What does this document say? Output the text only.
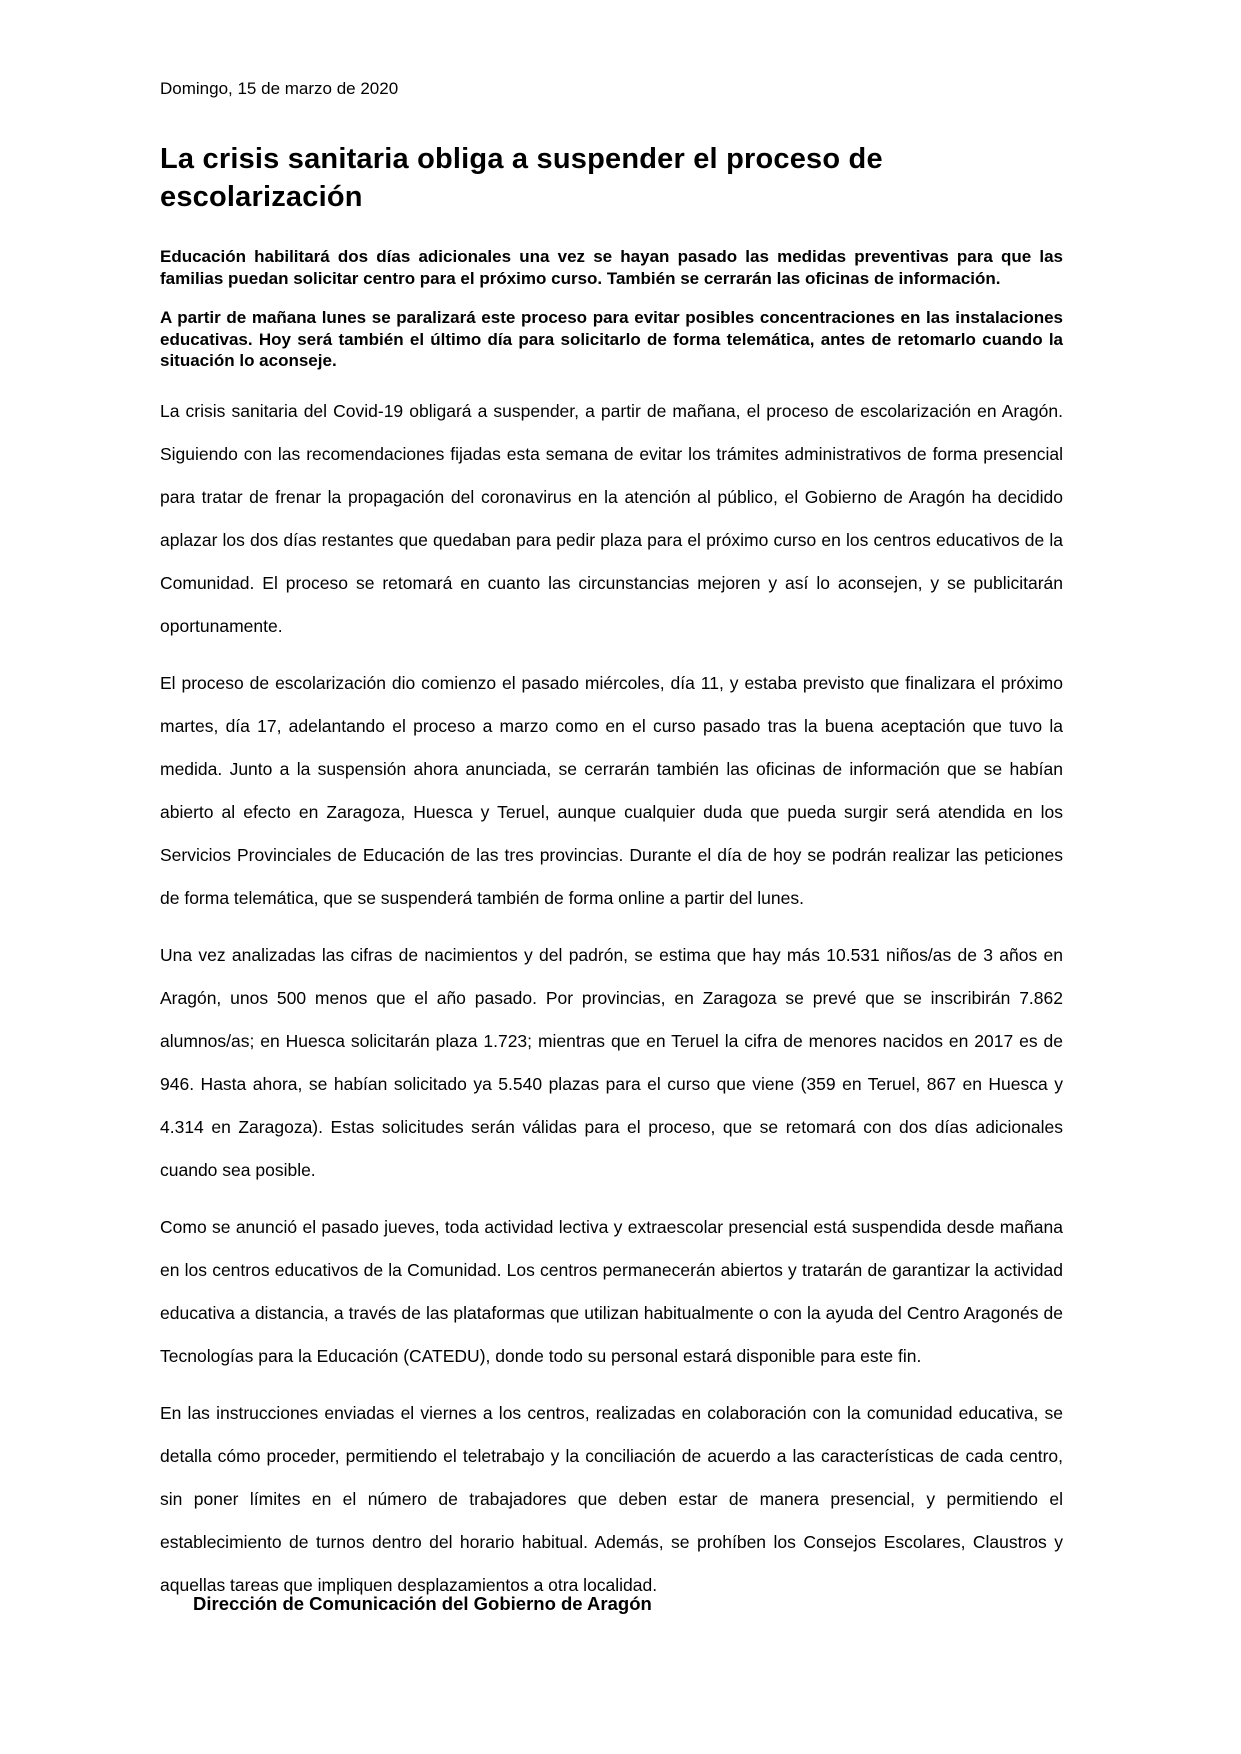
Domingo, 15 de marzo de 2020

La crisis sanitaria obliga a suspender el proceso de escolarización

Educación habilitará dos días adicionales una vez se hayan pasado las medidas preventivas para que las familias puedan solicitar centro para el próximo curso. También se cerrarán las oficinas de información.

A partir de mañana lunes se paralizará este proceso para evitar posibles concentraciones en las instalaciones educativas. Hoy será también el último día para solicitarlo de forma telemática, antes de retomarlo cuando la situación lo aconseje.

La crisis sanitaria del Covid-19 obligará a suspender, a partir de mañana, el proceso de escolarización en Aragón. Siguiendo con las recomendaciones fijadas esta semana de evitar los trámites administrativos de forma presencial para tratar de frenar la propagación del coronavirus en la atención al público, el Gobierno de Aragón ha decidido aplazar los dos días restantes que quedaban para pedir plaza para el próximo curso en los centros educativos de la Comunidad. El proceso se retomará en cuanto las circunstancias mejoren y así lo aconsejen, y se publicitarán oportunamente.

El proceso de escolarización dio comienzo el pasado miércoles, día 11, y estaba previsto que finalizara el próximo martes, día 17, adelantando el proceso a marzo como en el curso pasado tras la buena aceptación que tuvo la medida. Junto a la suspensión ahora anunciada, se cerrarán también las oficinas de información que se habían abierto al efecto en Zaragoza, Huesca y Teruel, aunque cualquier duda que pueda surgir será atendida en los Servicios Provinciales de Educación de las tres provincias. Durante el día de hoy se podrán realizar las peticiones de forma telemática, que se suspenderá también de forma online a partir del lunes.

Una vez analizadas las cifras de nacimientos y del padrón, se estima que hay más 10.531 niños/as de 3 años en Aragón, unos 500 menos que el año pasado. Por provincias, en Zaragoza se prevé que se inscribirán 7.862 alumnos/as; en Huesca solicitarán plaza 1.723; mientras que en Teruel la cifra de menores nacidos en 2017 es de 946. Hasta ahora, se habían solicitado ya 5.540 plazas para el curso que viene (359 en Teruel, 867 en Huesca y 4.314 en Zaragoza). Estas solicitudes serán válidas para el proceso, que se retomará con dos días adicionales cuando sea posible.

Como se anunció el pasado jueves, toda actividad lectiva y extraescolar presencial está suspendida desde mañana en los centros educativos de la Comunidad. Los centros permanecerán abiertos y tratarán de garantizar la actividad educativa a distancia, a través de las plataformas que utilizan habitualmente o con la ayuda del Centro Aragonés de Tecnologías para la Educación (CATEDU), donde todo su personal estará disponible para este fin.

En las instrucciones enviadas el viernes a los centros, realizadas en colaboración con la comunidad educativa, se detalla cómo proceder, permitiendo el teletrabajo y la conciliación de acuerdo a las características de cada centro, sin poner límites en el número de trabajadores que deben estar de manera presencial, y permitiendo el establecimiento de turnos dentro del horario habitual. Además, se prohíben los Consejos Escolares, Claustros y aquellas tareas que impliquen desplazamientos a otra localidad.

Dirección de Comunicación del Gobierno de Aragón
